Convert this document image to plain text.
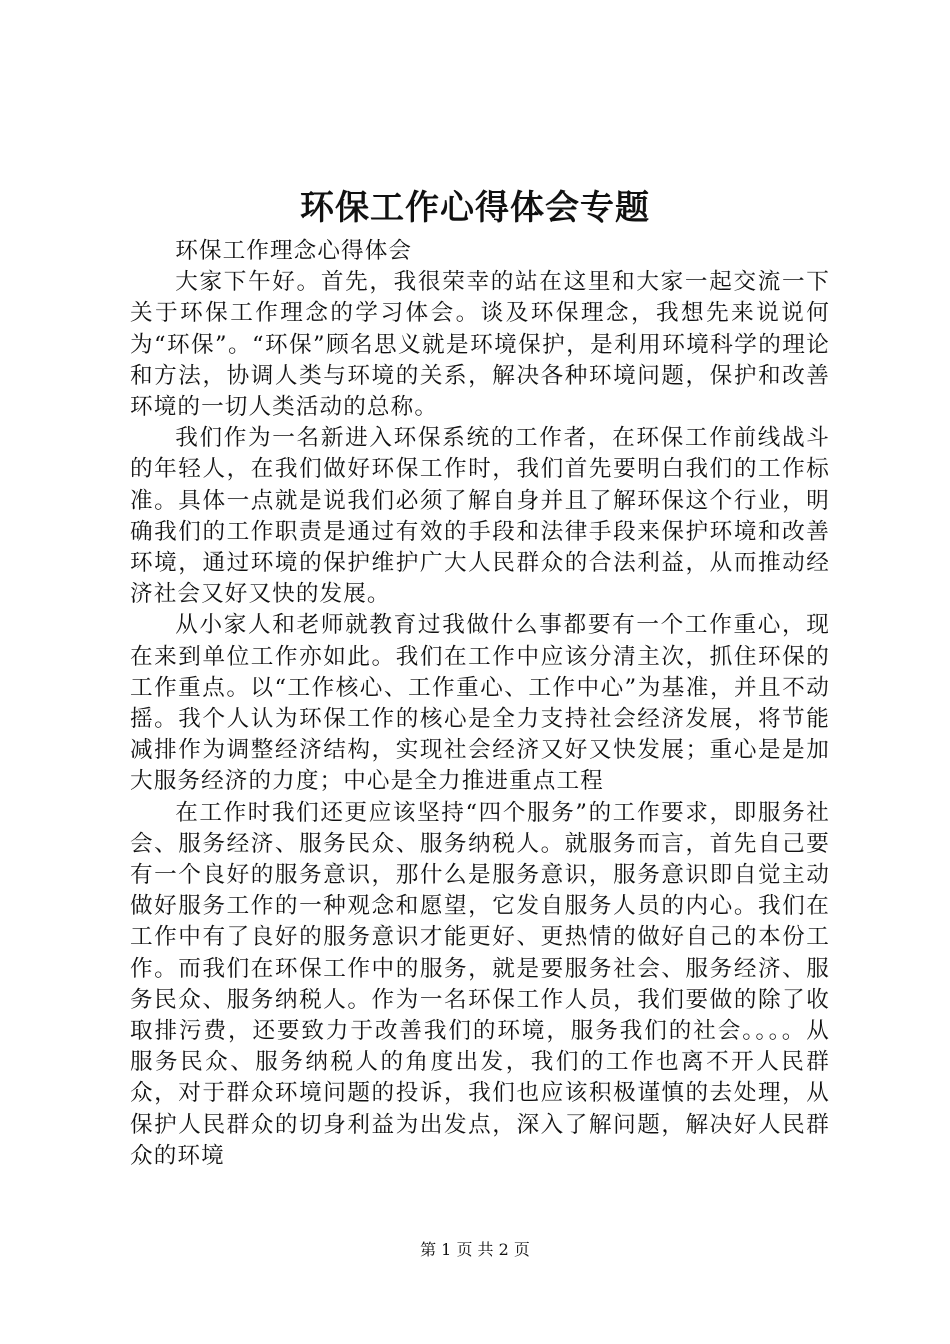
环保工作心得体会专题

环保工作理念心得体会

大家下午好。首先，我很荣幸的站在这里和大家一起交流一下关于环保工作理念的学习体会。谈及环保理念，我想先来说说何为“环保”。“环保”顾名思义就是环境保护，是利用环境科学的理论和方法，协调人类与环境的关系，解决各种环境问题，保护和改善环境的一切人类活动的总称。

我们作为一名新进入环保系统的工作者，在环保工作前线战斗的年轻人，在我们做好环保工作时，我们首先要明白我们的工作标准。具体一点就是说我们必须了解自身并且了解环保这个行业，明确我们的工作职责是通过有效的手段和法律手段来保护环境和改善环境，通过环境的保护维护广大人民群众的合法利益，从而推动经济社会又好又快的发展。

从小家人和老师就教育过我做什么事都要有一个工作重心，现在来到单位工作亦如此。我们在工作中应该分清主次，抓住环保的工作重点。以“工作核心、工作重心、工作中心”为基准，并且不动摇。我个人认为环保工作的核心是全力支持社会经济发展，将节能减排作为调整经济结构，实现社会经济又好又快发展；重心是是加大服务经济的力度；中心是全力推进重点工程

在工作时我们还更应该坚持“四个服务”的工作要求，即服务社会、服务经济、服务民众、服务纳税人。就服务而言，首先自己要有一个良好的服务意识，那什么是服务意识，服务意识即自觉主动做好服务工作的一种观念和愿望，它发自服务人员的内心。我们在工作中有了良好的服务意识才能更好、更热情的做好自己的本份工作。而我们在环保工作中的服务，就是要服务社会、服务经济、服务民众、服务纳税人。作为一名环保工作人员，我们要做的除了收取排污费，还要致力于改善我们的环境，服务我们的社会。。。。从服务民众、服务纳税人的角度出发，我们的工作也离不开人民群众，对于群众环境问题的投诉，我们也应该积极谨慎的去处理，从保护人民群众的切身利益为出发点，深入了解问题，解决好人民群众的环境

第 1 页 共 2 页
